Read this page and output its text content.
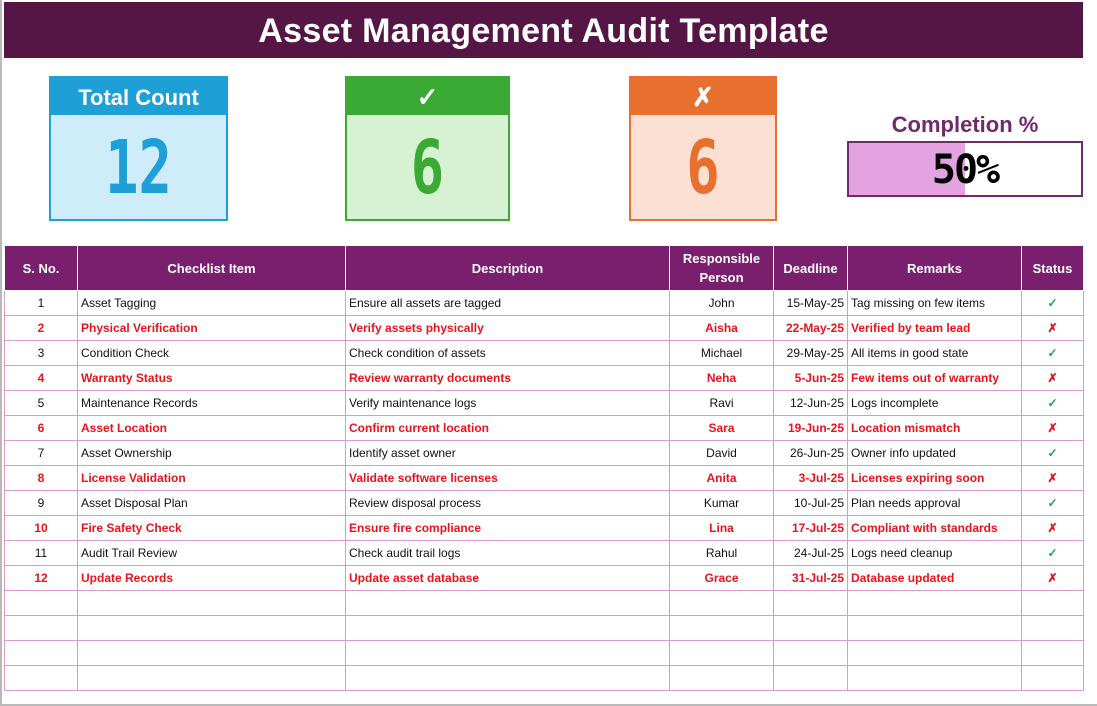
Asset Management Audit Template
Total Count
12
✓
6
✗
6
Completion %
50%
S. No.	Checklist Item	Description	Responsible Person	Deadline	Remarks	Status
1	Asset Tagging	Ensure all assets are tagged	John	15-May-25	Tag missing on few items	✓
2	Physical Verification	Verify assets physically	Aisha	22-May-25	Verified by team lead	✗
3	Condition Check	Check condition of assets	Michael	29-May-25	All items in good state	✓
4	Warranty Status	Review warranty documents	Neha	5-Jun-25	Few items out of warranty	✗
5	Maintenance Records	Verify maintenance logs	Ravi	12-Jun-25	Logs incomplete	✓
6	Asset Location	Confirm current location	Sara	19-Jun-25	Location mismatch	✗
7	Asset Ownership	Identify asset owner	David	26-Jun-25	Owner info updated	✓
8	License Validation	Validate software licenses	Anita	3-Jul-25	Licenses expiring soon	✗
9	Asset Disposal Plan	Review disposal process	Kumar	10-Jul-25	Plan needs approval	✓
10	Fire Safety Check	Ensure fire compliance	Lina	17-Jul-25	Compliant with standards	✗
11	Audit Trail Review	Check audit trail logs	Rahul	24-Jul-25	Logs need cleanup	✓
12	Update Records	Update asset database	Grace	31-Jul-25	Database updated	✗
